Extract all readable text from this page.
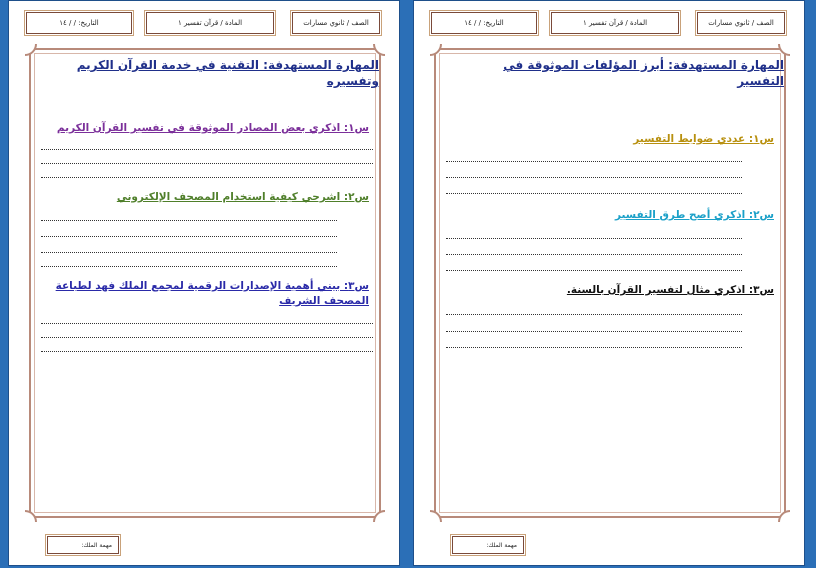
الصف / ثانوي مسارات
المادة / قرآن تفسير ١
التاريخ: / / ١٤
المهارة المستهدفة: التقنية في خدمة القرآن الكريم وتفسيره
س١: اذكري بعض المصادر الموثوقة في تفسير القرآن الكريم
س٢: اشرحي كيفية استخدام المصحف الإلكتروني
س٣: بيني أهمية الإصدارات الرقمية لمجمع الملك فهد لطباعة المصحف الشريف
مهمة الملك:
الصف / ثانوي مسارات
المادة / قرآن تفسير ١
التاريخ: / / ١٤
المهارة المستهدفة: أبرز المؤلفات الموثوقة في التفسير
س١: عددي ضوابط التفسير
س٢: اذكري أصح طرق التفسير
س٣: اذكري مثال لتفسير القرآن بالسنة.
مهمة الملك:
